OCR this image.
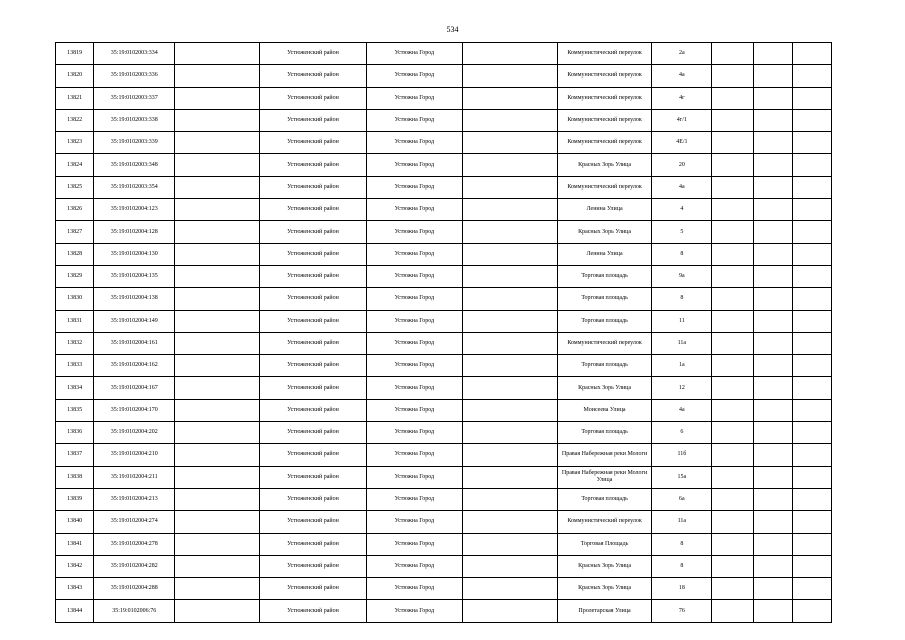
534
13819	35:19:0102003:334		Устюженский район	Устюжна Город		Коммунистический переулок	2а			
13820	35:19:0102003:336		Устюженский район	Устюжна Город		Коммунистический переулок	4а			
13821	35:19:0102003:337		Устюженский район	Устюжна Город		Коммунистический переулок	4г			
13822	35:19:0102003:338		Устюженский район	Устюжна Город		Коммунистический переулок	4г/1			
13823	35:19:0102003:339		Устюженский район	Устюжна Город		Коммунистический переулок	4Е/1			
13824	35:19:0102003:348		Устюженский район	Устюжна Город		Красных Зорь Улица	20			
13825	35:19:0102003:354		Устюженский район	Устюжна Город		Коммунистический переулок	4а			
13826	35:19:0102004:123		Устюженский район	Устюжна Город		Ленина Улица	4			
13827	35:19:0102004:128		Устюженский район	Устюжна Город		Красных Зорь Улица	5			
13828	35:19:0102004:130		Устюженский район	Устюжна Город		Ленина Улица	8			
13829	35:19:0102004:135		Устюженский район	Устюжна Город		Торговая площадь	9а			
13830	35:19:0102004:138		Устюженский район	Устюжна Город		Торговая площадь	8			
13831	35:19:0102004:149		Устюженский район	Устюжна Город		Торговая площадь	11			
13832	35:19:0102004:161		Устюженский район	Устюжна Город		Коммунистический переулок	11а			
13833	35:19:0102004:162		Устюженский район	Устюжна Город		Торговая площадь	1а			
13834	35:19:0102004:167		Устюженский район	Устюжна Город		Красных Зорь Улица	12			
13835	35:19:0102004:170		Устюженский район	Устюжна Город		Моисеева Улица	4а			
13836	35:19:0102004:202		Устюженский район	Устюжна Город		Торговая площадь	6			
13837	35:19:0102004:210		Устюженский район	Устюжна Город		Правая Набережная реки Мологи	11б			
13838	35:19:0102004:211		Устюженский район	Устюжна Город		Правая Набережная реки Мологи Улица	15а			
13839	35:19:0102004:213		Устюженский район	Устюжна Город		Торговая площадь	6а			
13840	35:19:0102004:274		Устюженский район	Устюжна Город		Коммунистический переулок	11а			
13841	35:19:0102004:278		Устюженский район	Устюжна Город		Торговая Площадь	8			
13842	35:19:0102004:282		Устюженский район	Устюжна Город		Красных Зорь Улица	8			
13843	35:19:0102004:288		Устюженский район	Устюжна Город		Красных Зорь Улица	18			
13844	35:19:0102006:76		Устюженский район	Устюжна Город		Пролетарская Улица	76			
